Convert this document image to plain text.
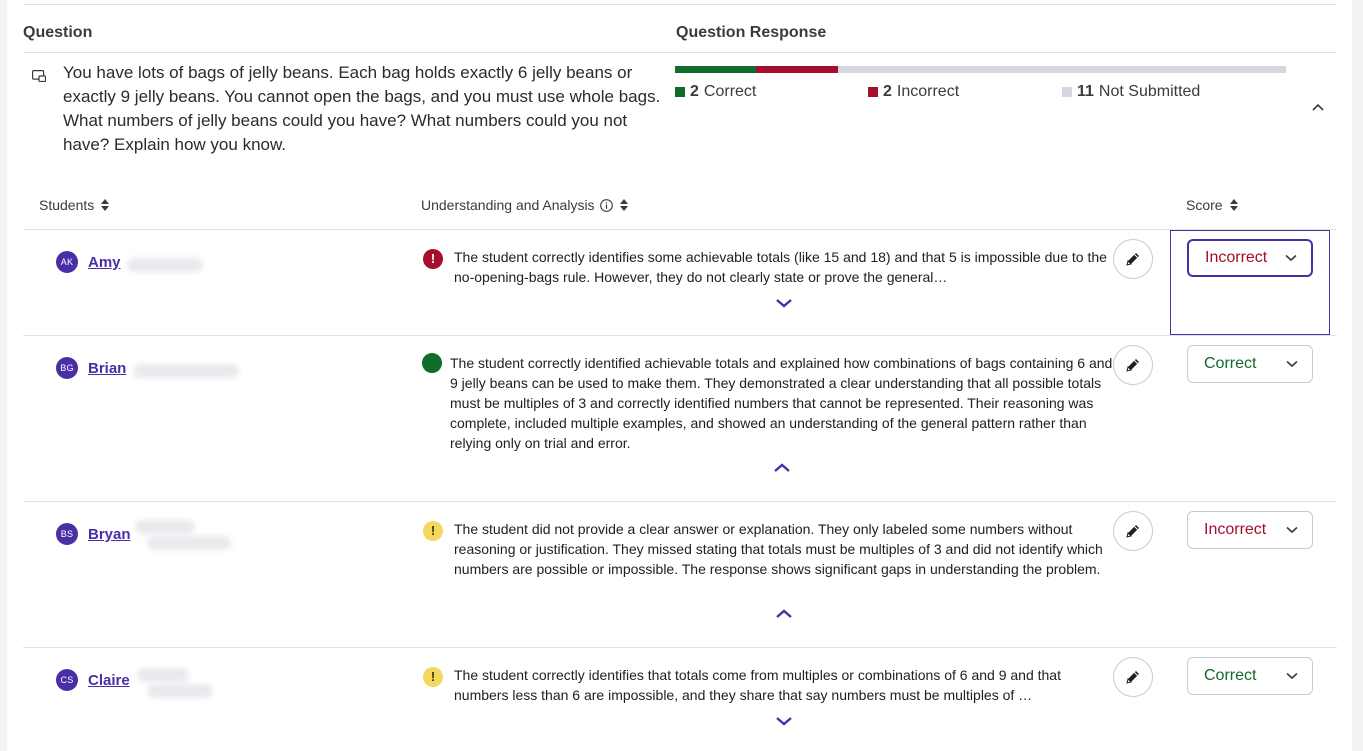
Question	Question Response
You have lots of bags of jelly beans. Each bag holds exactly 6 jelly beans or exactly 9 jelly beans. You cannot open the bags, and you must use whole bags. What numbers of jelly beans could you have? What numbers could you not have? Explain how you know.
2 Correct	2 Incorrect	11 Not Submitted
Students	Understanding and Analysis	Score
AK Amy	!	The student correctly identifies some achievable totals (like 15 and 18) and that 5 is impossible due to the no-opening-bags rule. However, they do not clearly state or prove the general…
Incorrect
BG Brian	The student correctly identified achievable totals and explained how combinations of bags containing 6 and 9 jelly beans can be used to make them. They demonstrated a clear understanding that all possible totals must be multiples of 3 and correctly identified numbers that cannot be represented. Their reasoning was complete, included multiple examples, and showed an understanding of the general pattern rather than relying only on trial and error.
Correct
BS Bryan	!	The student did not provide a clear answer or explanation. They only labeled some numbers without reasoning or justification. They missed stating that totals must be multiples of 3 and did not identify which numbers are possible or impossible. The response shows significant gaps in understanding the problem.
Incorrect
CS Claire	!	The student correctly identifies that totals come from multiples or combinations of 6 and 9 and that numbers less than 6 are impossible, and they share that say numbers must be multiples of …
Correct
